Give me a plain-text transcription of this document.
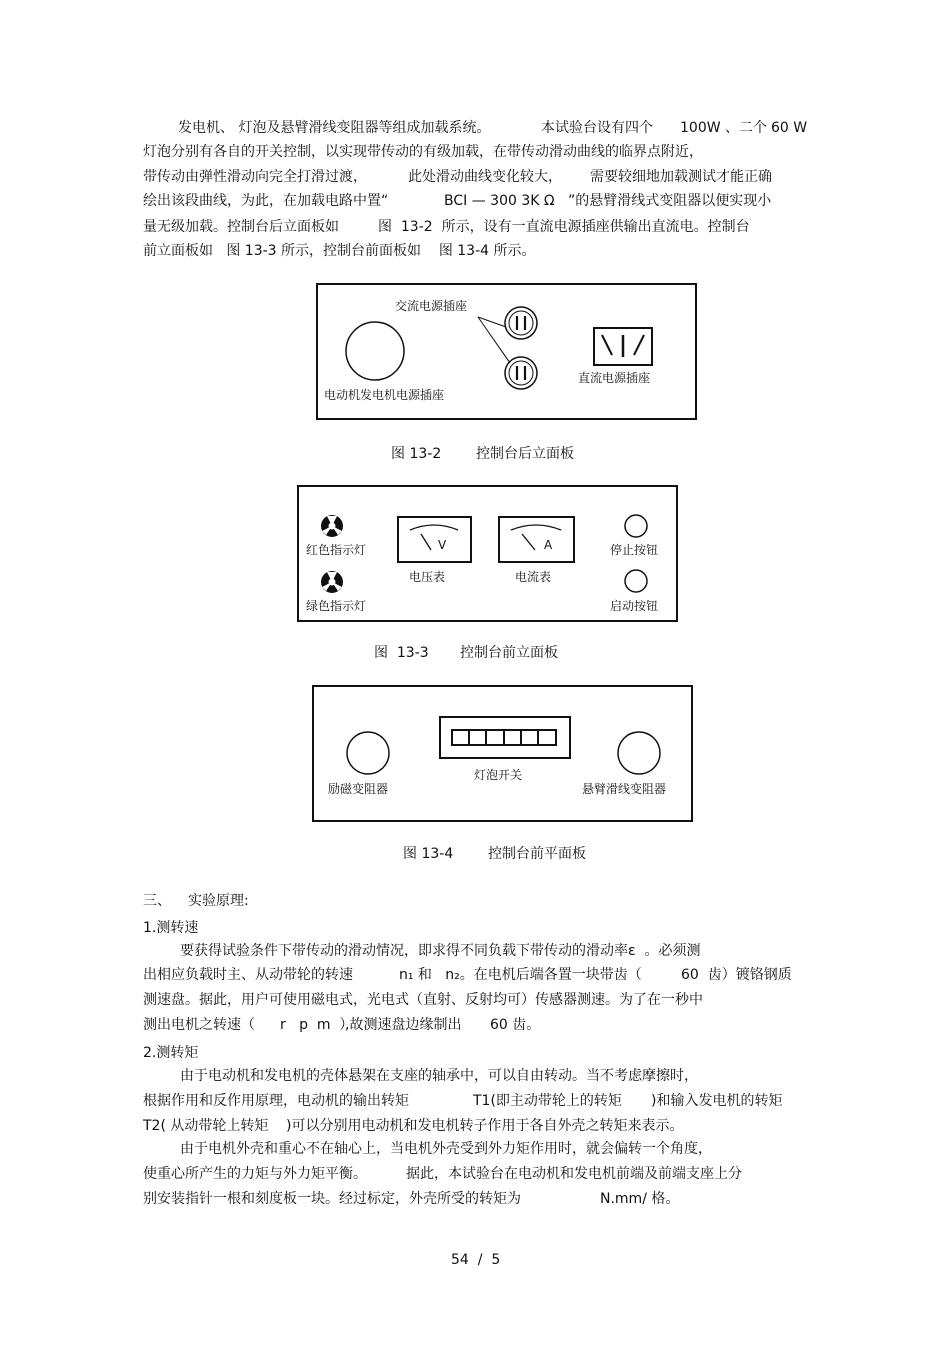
发电机、 灯泡及悬臂滑线变阻器等组成加载系统。	本试验台设有四个 100W 、二个 60 W
灯泡分别有各自的开关控制，以实现带传动的有级加载，在带传动滑动曲线的临界点附近，
带传动由弹性滑动向完全打滑过渡，	此处滑动曲线变化较大， 需要较细地加载测试才能正确
绘出该段曲线，为此，在加载电路中置“	BCI — 300 3K Ω ”的悬臂滑线式变阻器以便实现小
量无级加载。控制台后立面板如	图  13-2  所示，设有一直流电源插座供输出直流电。控制台
前立面板如   图 13-3 所示，控制台前面板如    图 13-4 所示。
交流电源插座
电动机发电机电源插座
直流电源插座
图 13-2 控制台后立面板
红色指示灯
绿色指示灯
V	A
电压表	电流表
停止按钮
启动按钮
图  13-3 控制台前立面板
励磁变阻器
灯泡开关
悬臂滑线变阻器
图 13-4 控制台前平面板
三、 实验原理:
1.测转速
要获得试验条件下带传动的滑动情况，即求得不同负载下带传动的滑动率ε  。必须测
出相应负载时主、从动带轮的转速	n₁ 和   n₂。在电机后端各置一块带齿（	60  齿）镀铬钢质
测速盘。据此，用户可使用磁电式，光电式（直射、反射均可）传感器测速。为了在一秒中
测出电机之转速（ r   p  m  ）
,故测速盘边缘制出 60 齿。
2.测转矩
由于电动机和发电机的壳体悬架在支座的轴承中，可以自由转动。当不考虑摩擦时，
根据作用和反作用原理，电动机的输出转矩	T1(即主动带轮上的转矩 )和输入发电机的转矩
T2( 从动带轮上转矩 )可以分别用电动机和发电机转子作用于各自外壳之转矩来表示。
由于电机外壳和重心不在轴心上，当电机外壳受到外力矩作用时，就会偏转一个角度，
使重心所产生的力矩与外力矩平衡。	据此，本试验台在电动机和发电机前端及前端支座上分
别安装指针一根和刻度板一块。经过标定，外壳所受的转矩为	N.mm/ 格。
54  /  5
